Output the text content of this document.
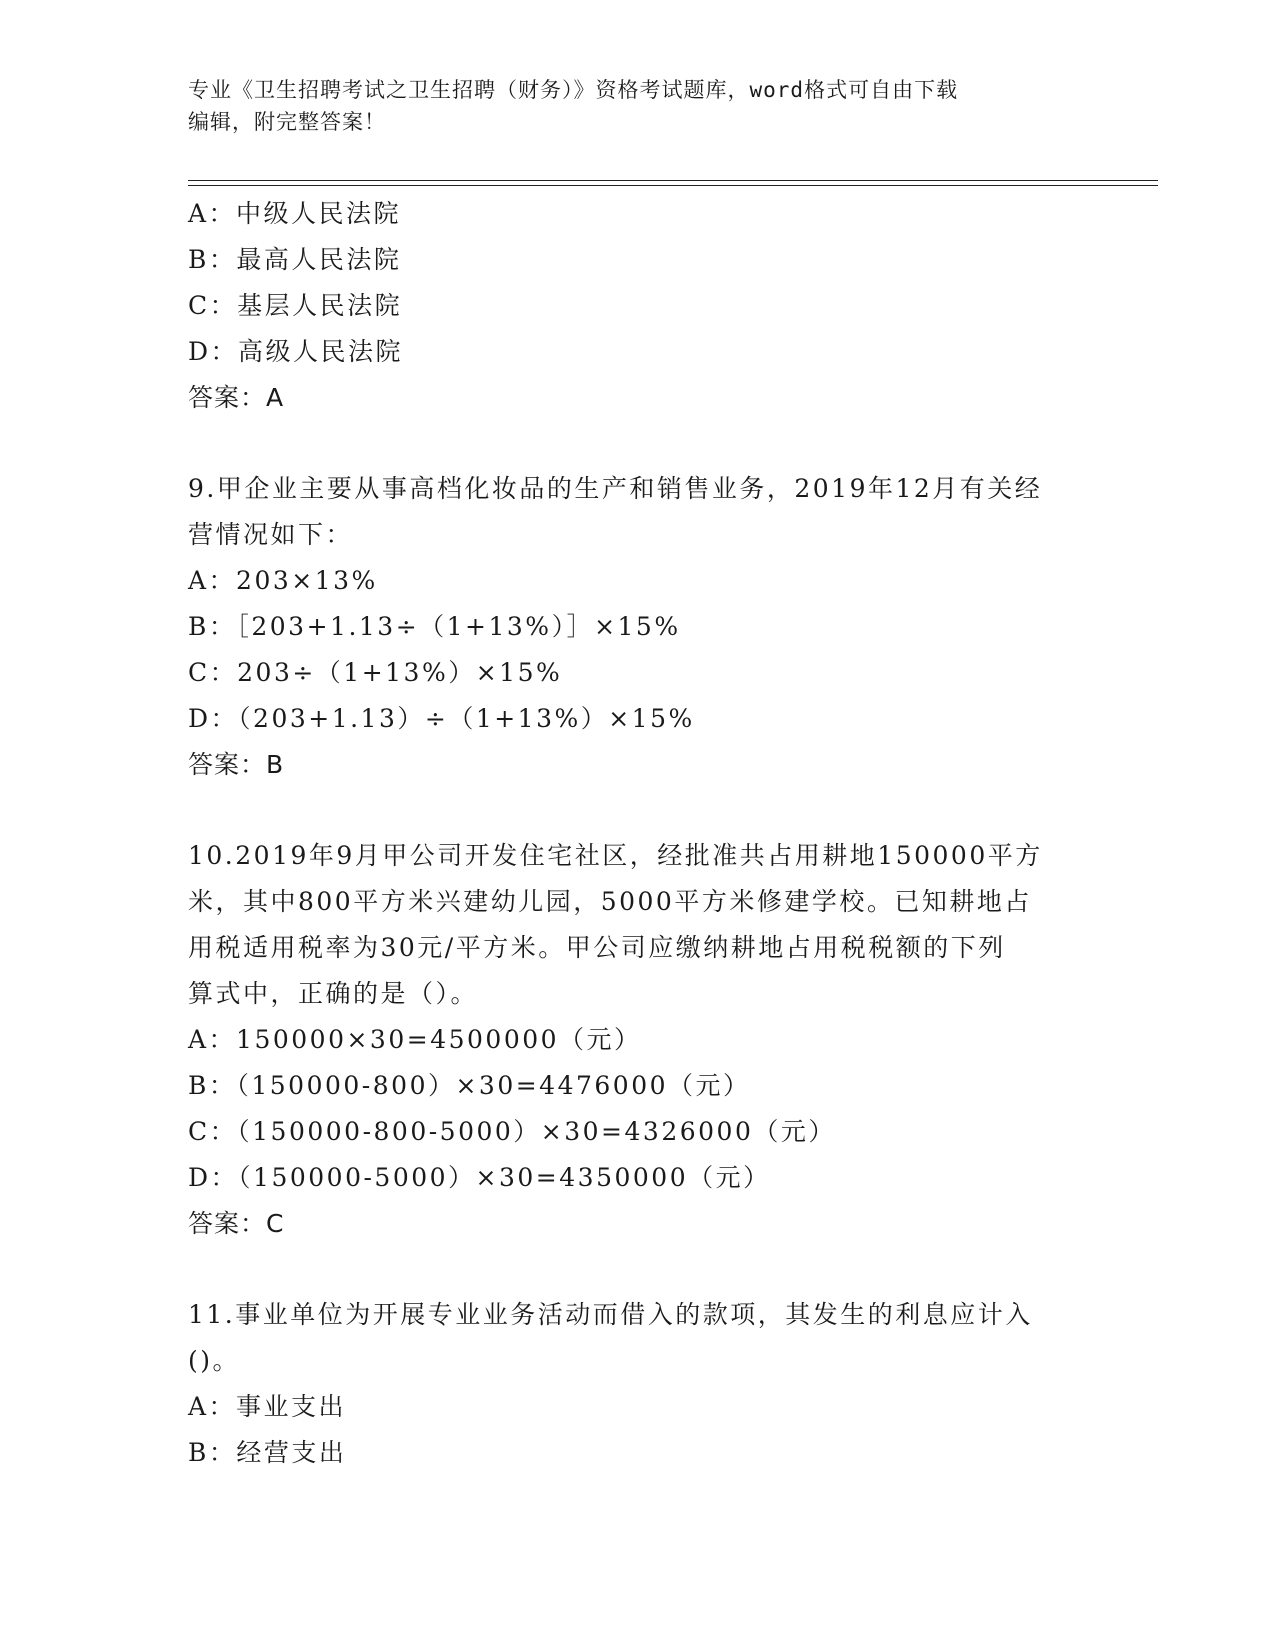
专业《卫生招聘考试之卫生招聘（财务）》资格考试题库，word格式可自由下载
编辑，附完整答案！
A：中级人民法院
B：最高人民法院
C：基层人民法院
D：高级人民法院
答案：A
9.甲企业主要从事高档化妆品的生产和销售业务，2019年12月有关经
营情况如下：
A：203×13%
B：［203+1.13÷（1+13%）］×15%
C：203÷（1+13%）×15%
D：（203+1.13）÷（1+13%）×15%
答案：B
10.2019年9月甲公司开发住宅社区，经批准共占用耕地150000平方
米，其中800平方米兴建幼儿园，5000平方米修建学校。已知耕地占
用税适用税率为30元/平方米。甲公司应缴纳耕地占用税税额的下列
算式中，正确的是（）。
A：150000×30=4500000（元）
B：（150000-800）×30=4476000（元）
C：（150000-800-5000）×30=4326000（元）
D：（150000-5000）×30=4350000（元）
答案：C
11.事业单位为开展专业业务活动而借入的款项，其发生的利息应计入
()。
A：事业支出
B：经营支出
